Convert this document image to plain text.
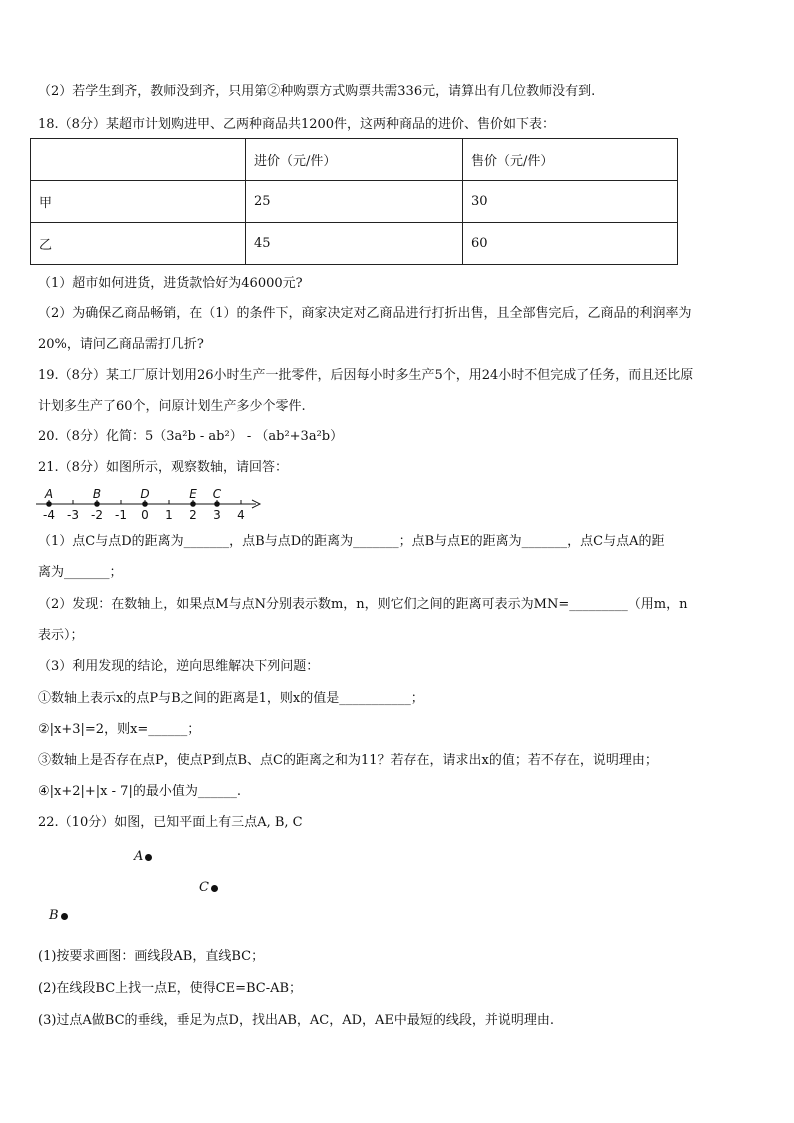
（2）若学生到齐，教师没到齐，只用第②种购票方式购票共需336元，请算出有几位教师没有到.
18.（8分）某超市计划购进甲、乙两种商品共1200件，这两种商品的进价、售价如下表：
	进价（元/件）	售价（元/件）
甲	25	30
乙	45	60
（1）超市如何进货，进货款恰好为46000元?
（2）为确保乙商品畅销，在（1）的条件下，商家决定对乙商品进行打折出售，且全部售完后，乙商品的利润率为
20%，请问乙商品需打几折?
19.（8分）某工厂原计划用26小时生产一批零件，后因每小时多生产5个，用24小时不但完成了任务，而且还比原
计划多生产了60个，问原计划生产多少个零件.
20.（8分）化简：5（3a²b - ab²） - （ab²+3a²b）
21.（8分）如图所示，观察数轴，请回答：
-4 -3 -2 -1 0 1 2 3 4
A	B	D	E C
（1）点C与点D的距离为_______，点B与点D的距离为_______；点B与点E的距离为_______，点C与点A的距
离为_______；
（2）发现：在数轴上，如果点M与点N分别表示数m，n，则它们之间的距离可表示为MN=_________（用m，n
表示）；
（3）利用发现的结论，逆向思维解决下列问题：
①数轴上表示x的点P与B之间的距离是1，则x的值是___________；
②|x+3|=2，则x=______；
③数轴上是否存在点P，使点P到点B、点C的距离之和为11？若存在，请求出x的值；若不存在，说明理由；
④|x+2|+|x - 7|的最小值为______.
22.（10分）如图，已知平面上有三点A, B, C
A
C
B
(1)按要求画图：画线段AB，直线BC；
(2)在线段BC上找一点E，使得CE=BC-AB；
(3)过点A做BC的垂线，垂足为点D，找出AB，AC，AD，AE中最短的线段，并说明理由.
